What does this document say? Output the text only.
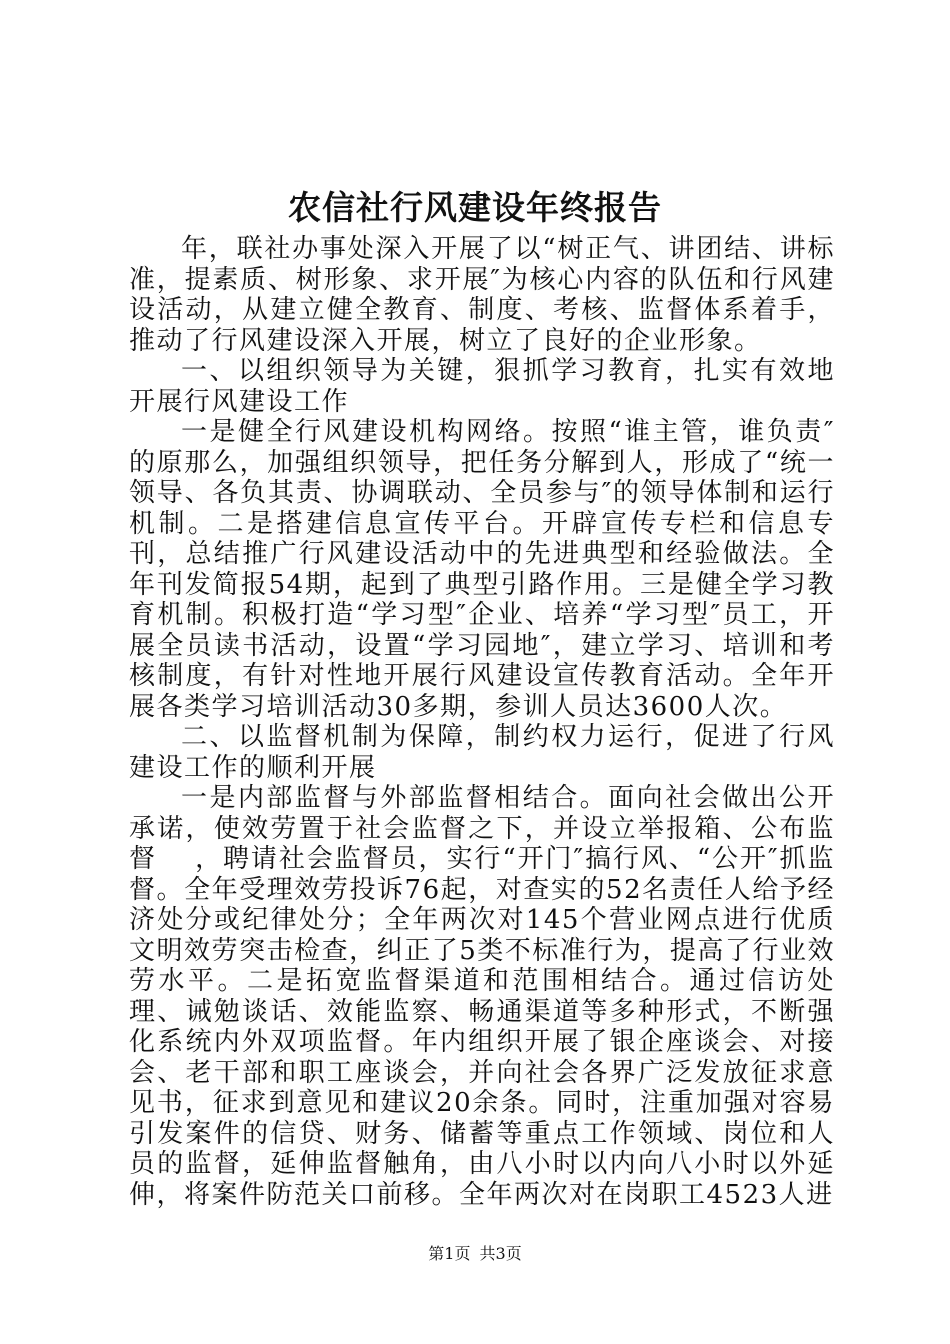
农信社行风建设年终报告

年，联社办事处深入开展了以“树正气、讲团结、讲标准，提素质、树形象、求开展″为核心内容的队伍和行风建设活动，从建立健全教育、制度、考核、监督体系着手，推动了行风建设深入开展，树立了良好的企业形象。

一、以组织领导为关键，狠抓学习教育，扎实有效地开展行风建设工作

一是健全行风建设机构网络。按照“谁主管，谁负责″的原那么，加强组织领导，把任务分解到人，形成了“统一领导、各负其责、协调联动、全员参与″的领导体制和运行机制。二是搭建信息宣传平台。开辟宣传专栏和信息专刊，总结推广行风建设活动中的先进典型和经验做法。全年刊发简报54期，起到了典型引路作用。三是健全学习教育机制。积极打造“学习型″企业、培养“学习型″员工，开展全员读书活动，设置“学习园地″，建立学习、培训和考核制度，有针对性地开展行风建设宣传教育活动。全年开展各类学习培训活动30多期，参训人员达3600人次。

二、以监督机制为保障，制约权力运行，促进了行风建设工作的顺利开展

一是内部监督与外部监督相结合。面向社会做出公开承诺，使效劳置于社会监督之下，并设立举报箱、公布监督 　，聘请社会监督员，实行“开门″搞行风、“公开″抓监督。全年受理效劳投诉76起，对查实的52名责任人给予经济处分或纪律处分；全年两次对145个营业网点进行优质文明效劳突击检查，纠正了5类不标准行为，提高了行业效劳水平。二是拓宽监督渠道和范围相结合。通过信访处理、诫勉谈话、效能监察、畅通渠道等多种形式，不断强化系统内外双项监督。年内组织开展了银企座谈会、对接会、老干部和职工座谈会，并向社会各界广泛发放征求意见书，征求到意见和建议20余条。同时，注重加强对容易引发案件的信贷、财务、储蓄等重点工作领域、岗位和人员的监督，延伸监督触角，由八小时以内向八小时以外延伸，将案件防范关口前移。全年两次对在岗职工4523人进

第1页 共3页
